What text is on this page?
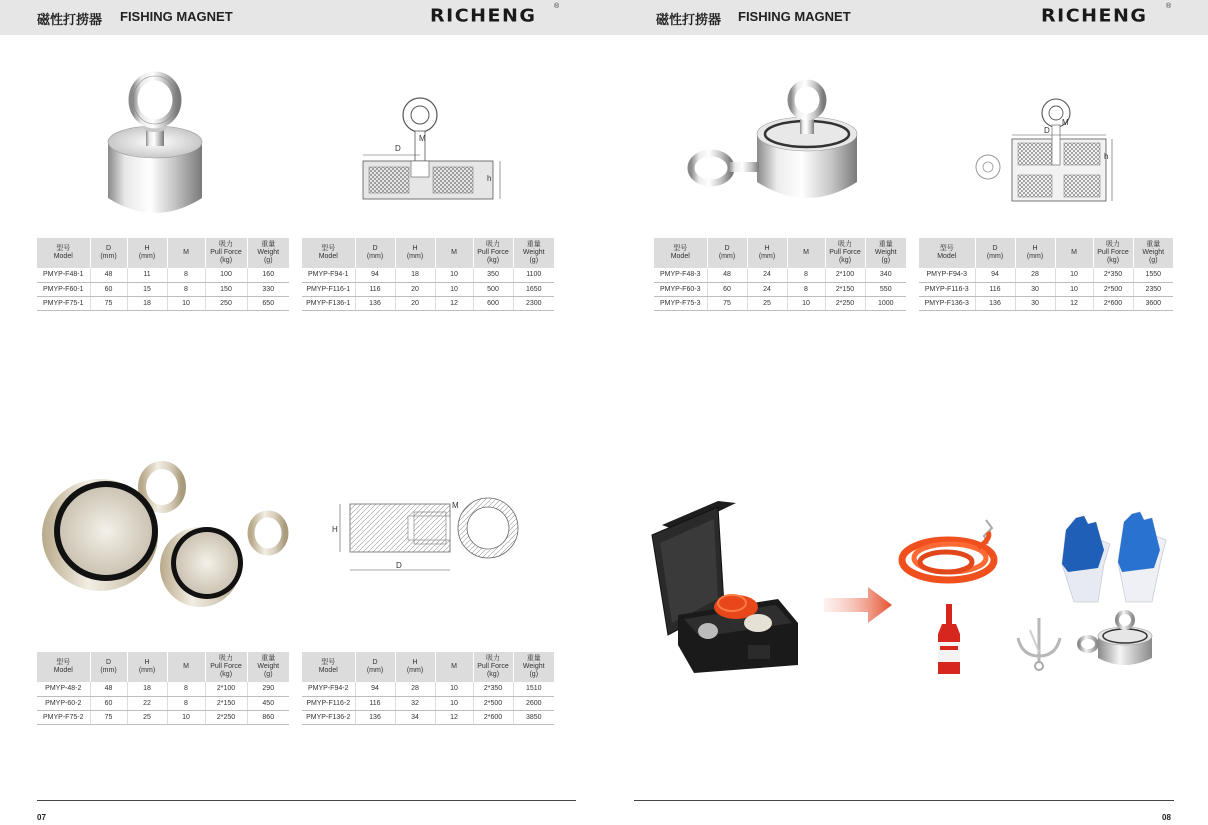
磁性打捞器 FISHING MAGNET	RICHENG ®
D
M
h
型号
Model	D
(mm)	H
(mm)	M	吸力
Pull Force
(kg)	重量
Weight
(g)

PMYP-F48-1	48	11	8	100	160
PMYP-F60-1	60	15	8	150	330
PMYP-F75-1	75	18	10	250	650
型号
Model	D
(mm)	H
(mm)	M	吸力
Pull Force
(kg)	重量
Weight
(g)

PMYP-F94-1	94	18	10	350	1100
PMYP-F116-1	116	20	10	500	1650
PMYP-F136-1	136	20	12	600	2300
H
D
M
型号
Model	D
(mm)	H
(mm)	M	吸力
Pull Force
(kg)	重量
Weight
(g)

PMYP-48-2	48	18	8	2*100	290
PMYP-60-2	60	22	8	2*150	450
PMYP-F75-2	75	25	10	2*250	860
型号
Model	D
(mm)	H
(mm)	M	吸力
Pull Force
(kg)	重量
Weight
(g)

PMYP-F94-2	94	28	10	2*350	1510
PMYP-F116-2	116	32	10	2*500	2600
PMYP-F136-2	136	34	12	2*600	3850
07
磁性打捞器 FISHING MAGNET	RICHENG	®
D
M
h
型号
Model	D
(mm)	H
(mm)	M	吸力
Pull Force
(kg)	重量
Weight
(g)

PMYP-F48-3	48	24	8	2*100	340
PMYP-F60-3	60	24	8	2*150	550
PMYP-F75-3	75	25	10	2*250	1000
型号
Model	D
(mm)	H
(mm)	M	吸力
Pull Force
(kg)	重量
Weight
(g)

PMYP-F94-3	94	28	10	2*350	1550
PMYP-F116-3	116	30	10	2*500	2350
PMYP-F136-3	136	30	12	2*600	3600
08
